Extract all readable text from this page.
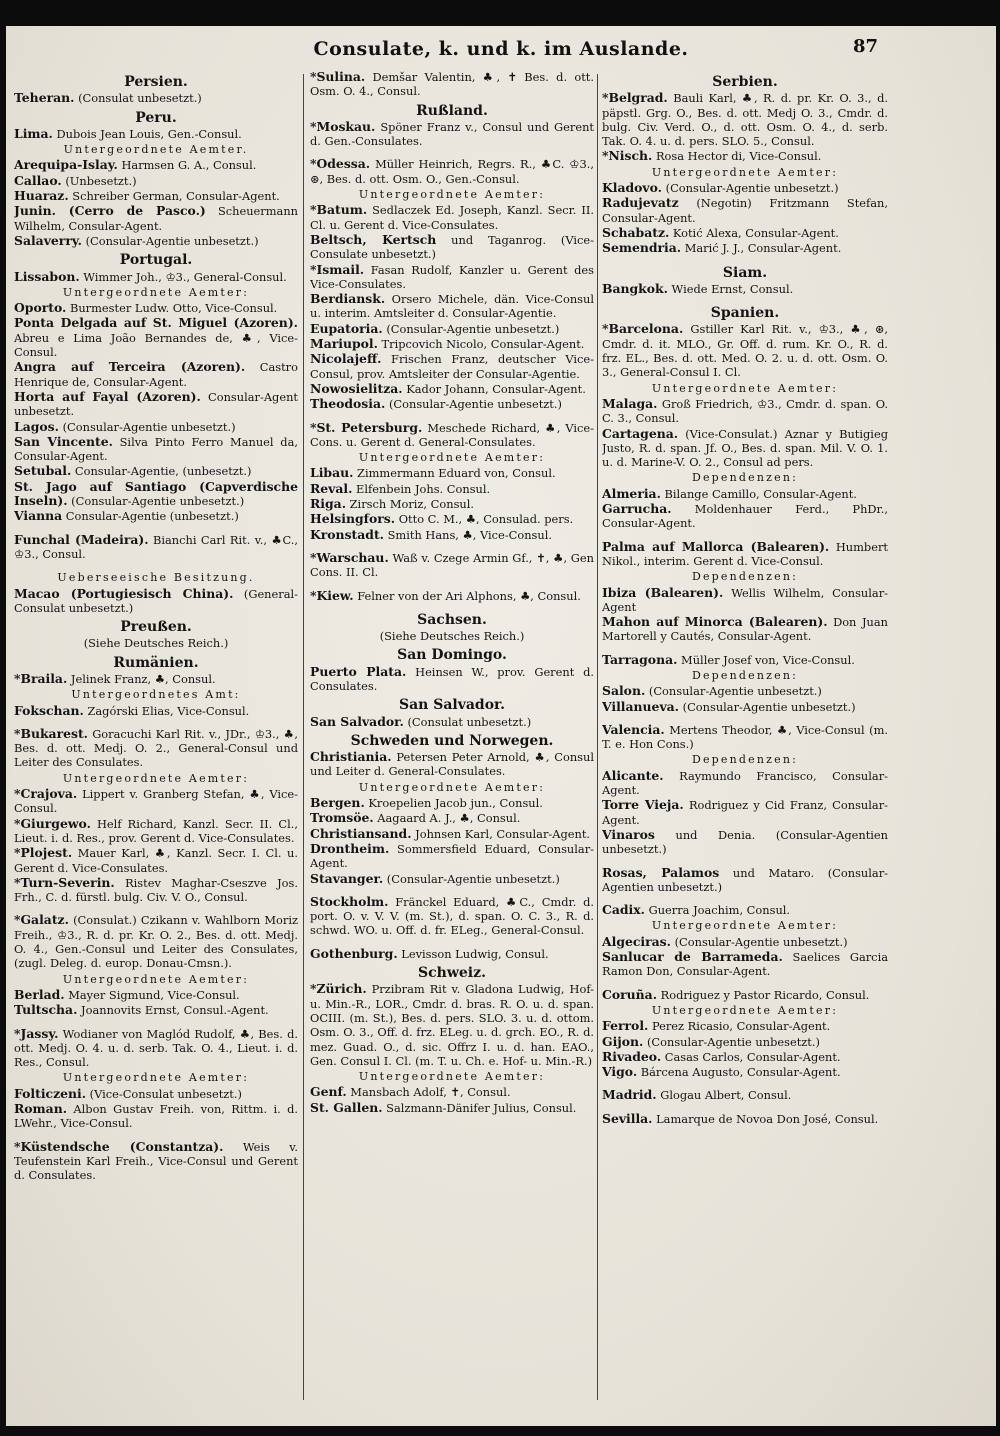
Consulate, k. und k. im Auslande.	87
Persien.
Teheran. (Consulat unbesetzt.)
Peru.
Lima. Dubois Jean Louis, Gen.-Consul.
Untergeordnete Aemter.
Arequipa-Islay. Harmsen G. A., Consul.
Callao. (Unbesetzt.)
Huaraz. Schreiber German, Consular-Agent.
Junin. (Cerro de Pasco.) Scheuermann Wilhelm, Consular-Agent.
Salaverry. (Consular-Agentie unbesetzt.)
Portugal.
Lissabon. Wimmer Joh., ♔3., General-Consul.
Untergeordnete Aemter:
Oporto. Burmester Ludw. Otto, Vice-Consul.
Ponta Delgada auf St. Miguel (Azoren). Abreu e Lima João Bernandes de, ♣, Vice-Consul.
Angra auf Terceira (Azoren). Castro Henrique de, Consular-Agent.
Horta auf Fayal (Azoren). Consular-Agent unbesetzt.
Lagos. (Consular-Agentie unbesetzt.)
San Vincente. Silva Pinto Ferro Manuel da, Consular-Agent.
Setubal. Consular-Agentie, (unbesetzt.)
St. Jago auf Santiago (Capverdische Inseln). (Consular-Agentie unbesetzt.)
Vianna Consular-Agentie (unbesetzt.)
Funchal (Madeira). Bianchi Carl Rit. v., ♣C., ♔3., Consul.
Ueberseeische Besitzung.
Macao (Portugiesisch China). (General-Consulat unbesetzt.)
Preußen.
(Siehe Deutsches Reich.)
Rumänien.
*Braila. Jelinek Franz, ♣, Consul.
Untergeordnetes Amt:
Fokschan. Zagórski Elias, Vice-Consul.
*Bukarest. Goracuchi Karl Rit. v., JDr., ♔3., ♣, Bes. d. ott. Medj. O. 2., General-Consul und Leiter des Consulates.
Untergeordnete Aemter:
*Crajova. Lippert v. Granberg Stefan, ♣, Vice-Consul.
*Giurgewo. Helf Richard, Kanzl. Secr. II. Cl., Lieut. i. d. Res., prov. Gerent d. Vice-Consulates.
*Plojest. Mauer Karl, ♣, Kanzl. Secr. I. Cl. u. Gerent d. Vice-Consulates.
*Turn-Severin. Ristev Maghar-Cseszve Jos. Frh., C. d. fürstl. bulg. Civ. V. O., Consul.
*Galatz. (Consulat.) Czikann v. Wahlborn Moriz Freih., ♔3., R. d. pr. Kr. O. 2., Bes. d. ott. Medj. O. 4., Gen.-Consul und Leiter des Consulates, (zugl. Deleg. d. europ. Donau-Cmsn.).
Untergeordnete Aemter:
Berlad. Mayer Sigmund, Vice-Consul.
Tultscha. Joannovits Ernst, Consul.-Agent.
*Jassy. Wodianer von Maglód Rudolf, ♣, Bes. d. ott. Medj. O. 4. u. d. serb. Tak. O. 4., Lieut. i. d. Res., Consul.
Untergeordnete Aemter:
Folticzeni. (Vice-Consulat unbesetzt.)
Roman. Albon Gustav Freih. von, Rittm. i. d. LWehr., Vice-Consul.
*Küstendsche (Constantza). Weis v. Teufenstein Karl Freih., Vice-Consul und Gerent d. Consulates.
*Sulina. Demšar Valentin, ♣, ✝ Bes. d. ott. Osm. O. 4., Consul.
Rußland.
*Moskau. Spöner Franz v., Consul und Gerent d. Gen.-Consulates.
*Odessa. Müller Heinrich, Regrs. R., ♣C. ♔3., ⊛, Bes. d. ott. Osm. O., Gen.-Consul.
Untergeordnete Aemter:
*Batum. Sedlaczek Ed. Joseph, Kanzl. Secr. II. Cl. u. Gerent d. Vice-Consulates.
Beltsch, Kertsch und Taganrog. (Vice-Consulate unbesetzt.)
*Ismail. Fasan Rudolf, Kanzler u. Gerent des Vice-Consulates.
Berdiansk. Orsero Michele, dän. Vice-Consul u. interim. Amtsleiter d. Consular-Agentie.
Eupatoria. (Consular-Agentie unbesetzt.)
Mariupol. Tripcovich Nicolo, Consular-Agent.
Nicolajeff. Frischen Franz, deutscher Vice-Consul, prov. Amtsleiter der Consular-Agentie.
Nowosielitza. Kador Johann, Consular-Agent.
Theodosia. (Consular-Agentie unbesetzt.)
*St. Petersburg. Meschede Richard, ♣, Vice-Cons. u. Gerent d. General-Consulates.
Untergeordnete Aemter:
Libau. Zimmermann Eduard von, Consul.
Reval. Elfenbein Johs. Consul.
Riga. Zirsch Moriz, Consul.
Helsingfors. Otto C. M., ♣, Consulad. pers.
Kronstadt. Smith Hans, ♣, Vice-Consul.
*Warschau. Waß v. Czege Armin Gf., ✝, ♣, Gen Cons. II. Cl.
*Kiew. Felner von der Ari Alphons, ♣, Consul.
Sachsen.
(Siehe Deutsches Reich.)
San Domingo.
Puerto Plata. Heinsen W., prov. Gerent d. Consulates.
San Salvador.
San Salvador. (Consulat unbesetzt.)
Schweden und Norwegen.
Christiania. Petersen Peter Arnold, ♣, Consul und Leiter d. General-Consulates.
Untergeordnete Aemter:
Bergen. Kroepelien Jacob jun., Consul.
Tromsöe. Aagaard A. J., ♣, Consul.
Christiansand. Johnsen Karl, Consular-Agent.
Drontheim. Sommersfield Eduard, Consular-Agent.
Stavanger. (Consular-Agentie unbesetzt.)
Stockholm. Fränckel Eduard, ♣C., Cmdr. d. port. O. v. V. V. (m. St.), d. span. O. C. 3., R. d. schwd. WO. u. Off. d. fr. ELeg., General-Consul.
Gothenburg. Levisson Ludwig, Consul.
Schweiz.
*Zürich. Przibram Rit v. Gladona Ludwig, Hof- u. Min.-R., LOR., Cmdr. d. bras. R. O. u. d. span. OCIII. (m. St.), Bes. d. pers. SLO. 3. u. d. ottom. Osm. O. 3., Off. d. frz. ELeg. u. d. grch. EO., R. d. mez. Guad. O., d. sic. Offrz I. u. d. han. EAO., Gen. Consul I. Cl. (m. T. u. Ch. e. Hof- u. Min.-R.)
Untergeordnete Aemter:
Genf. Mansbach Adolf, ✝, Consul.
St. Gallen. Salzmann-Dänifer Julius, Consul.
Serbien.
*Belgrad. Bauli Karl, ♣, R. d. pr. Kr. O. 3., d. päpstl. Grg. O., Bes. d. ott. Medj O. 3., Cmdr. d. bulg. Civ. Verd. O., d. ott. Osm. O. 4., d. serb. Tak. O. 4. u. d. pers. SLO. 5., Consul.
*Nisch. Rosa Hector di, Vice-Consul.
Untergeordnete Aemter:
Kladovo. (Consular-Agentie unbesetzt.)
Radujevatz (Negotin) Fritzmann Stefan, Consular-Agent.
Schabatz. Kotić Alexa, Consular-Agent.
Semendria. Marić J. J., Consular-Agent.
Siam.
Bangkok. Wiede Ernst, Consul.
Spanien.
*Barcelona. Gstiller Karl Rit. v., ♔3., ♣, ⊛, Cmdr. d. it. MLO., Gr. Off. d. rum. Kr. O., R. d. frz. EL., Bes. d. ott. Med. O. 2. u. d. ott. Osm. O. 3., General-Consul I. Cl.
Untergeordnete Aemter:
Malaga. Groß Friedrich, ♔3., Cmdr. d. span. O. C. 3., Consul.
Cartagena. (Vice-Consulat.) Aznar y Butigieg Justo, R. d. span. Jf. O., Bes. d. span. Mil. V. O. 1. u. d. Marine-V. O. 2., Consul ad pers.
Dependenzen:
Almeria. Bilange Camillo, Consular-Agent.
Garrucha. Moldenhauer Ferd., PhDr., Consular-Agent.
Palma auf Mallorca (Balearen). Humbert Nikol., interim. Gerent d. Vice-Consul.
Dependenzen:
Ibiza (Balearen). Wellis Wilhelm, Consular-Agent
Mahon auf Minorca (Balearen). Don Juan Martorell y Cautés, Consular-Agent.
Tarragona. Müller Josef von, Vice-Consul.
Dependenzen:
Salon. (Consular-Agentie unbesetzt.)
Villanueva. (Consular-Agentie unbesetzt.)
Valencia. Mertens Theodor, ♣, Vice-Consul (m. T. e. Hon Cons.)
Dependenzen:
Alicante. Raymundo Francisco, Consular-Agent.
Torre Vieja. Rodriguez y Cid Franz, Consular-Agent.
Vinaros und Denia. (Consular-Agentien unbesetzt.)
Rosas, Palamos und Mataro. (Consular-Agentien unbesetzt.)
Cadix. Guerra Joachim, Consul.
Untergeordnete Aemter:
Algeciras. (Consular-Agentie unbesetzt.)
Sanlucar de Barrameda. Saelices Garcia Ramon Don, Consular-Agent.
Coruña. Rodriguez y Pastor Ricardo, Consul.
Untergeordnete Aemter:
Ferrol. Perez Ricasio, Consular-Agent.
Gijon. (Consular-Agentie unbesetzt.)
Rivadeo. Casas Carlos, Consular-Agent.
Vigo. Bárcena Augusto, Consular-Agent.
Madrid. Glogau Albert, Consul.
Sevilla. Lamarque de Novoa Don José, Consul.
